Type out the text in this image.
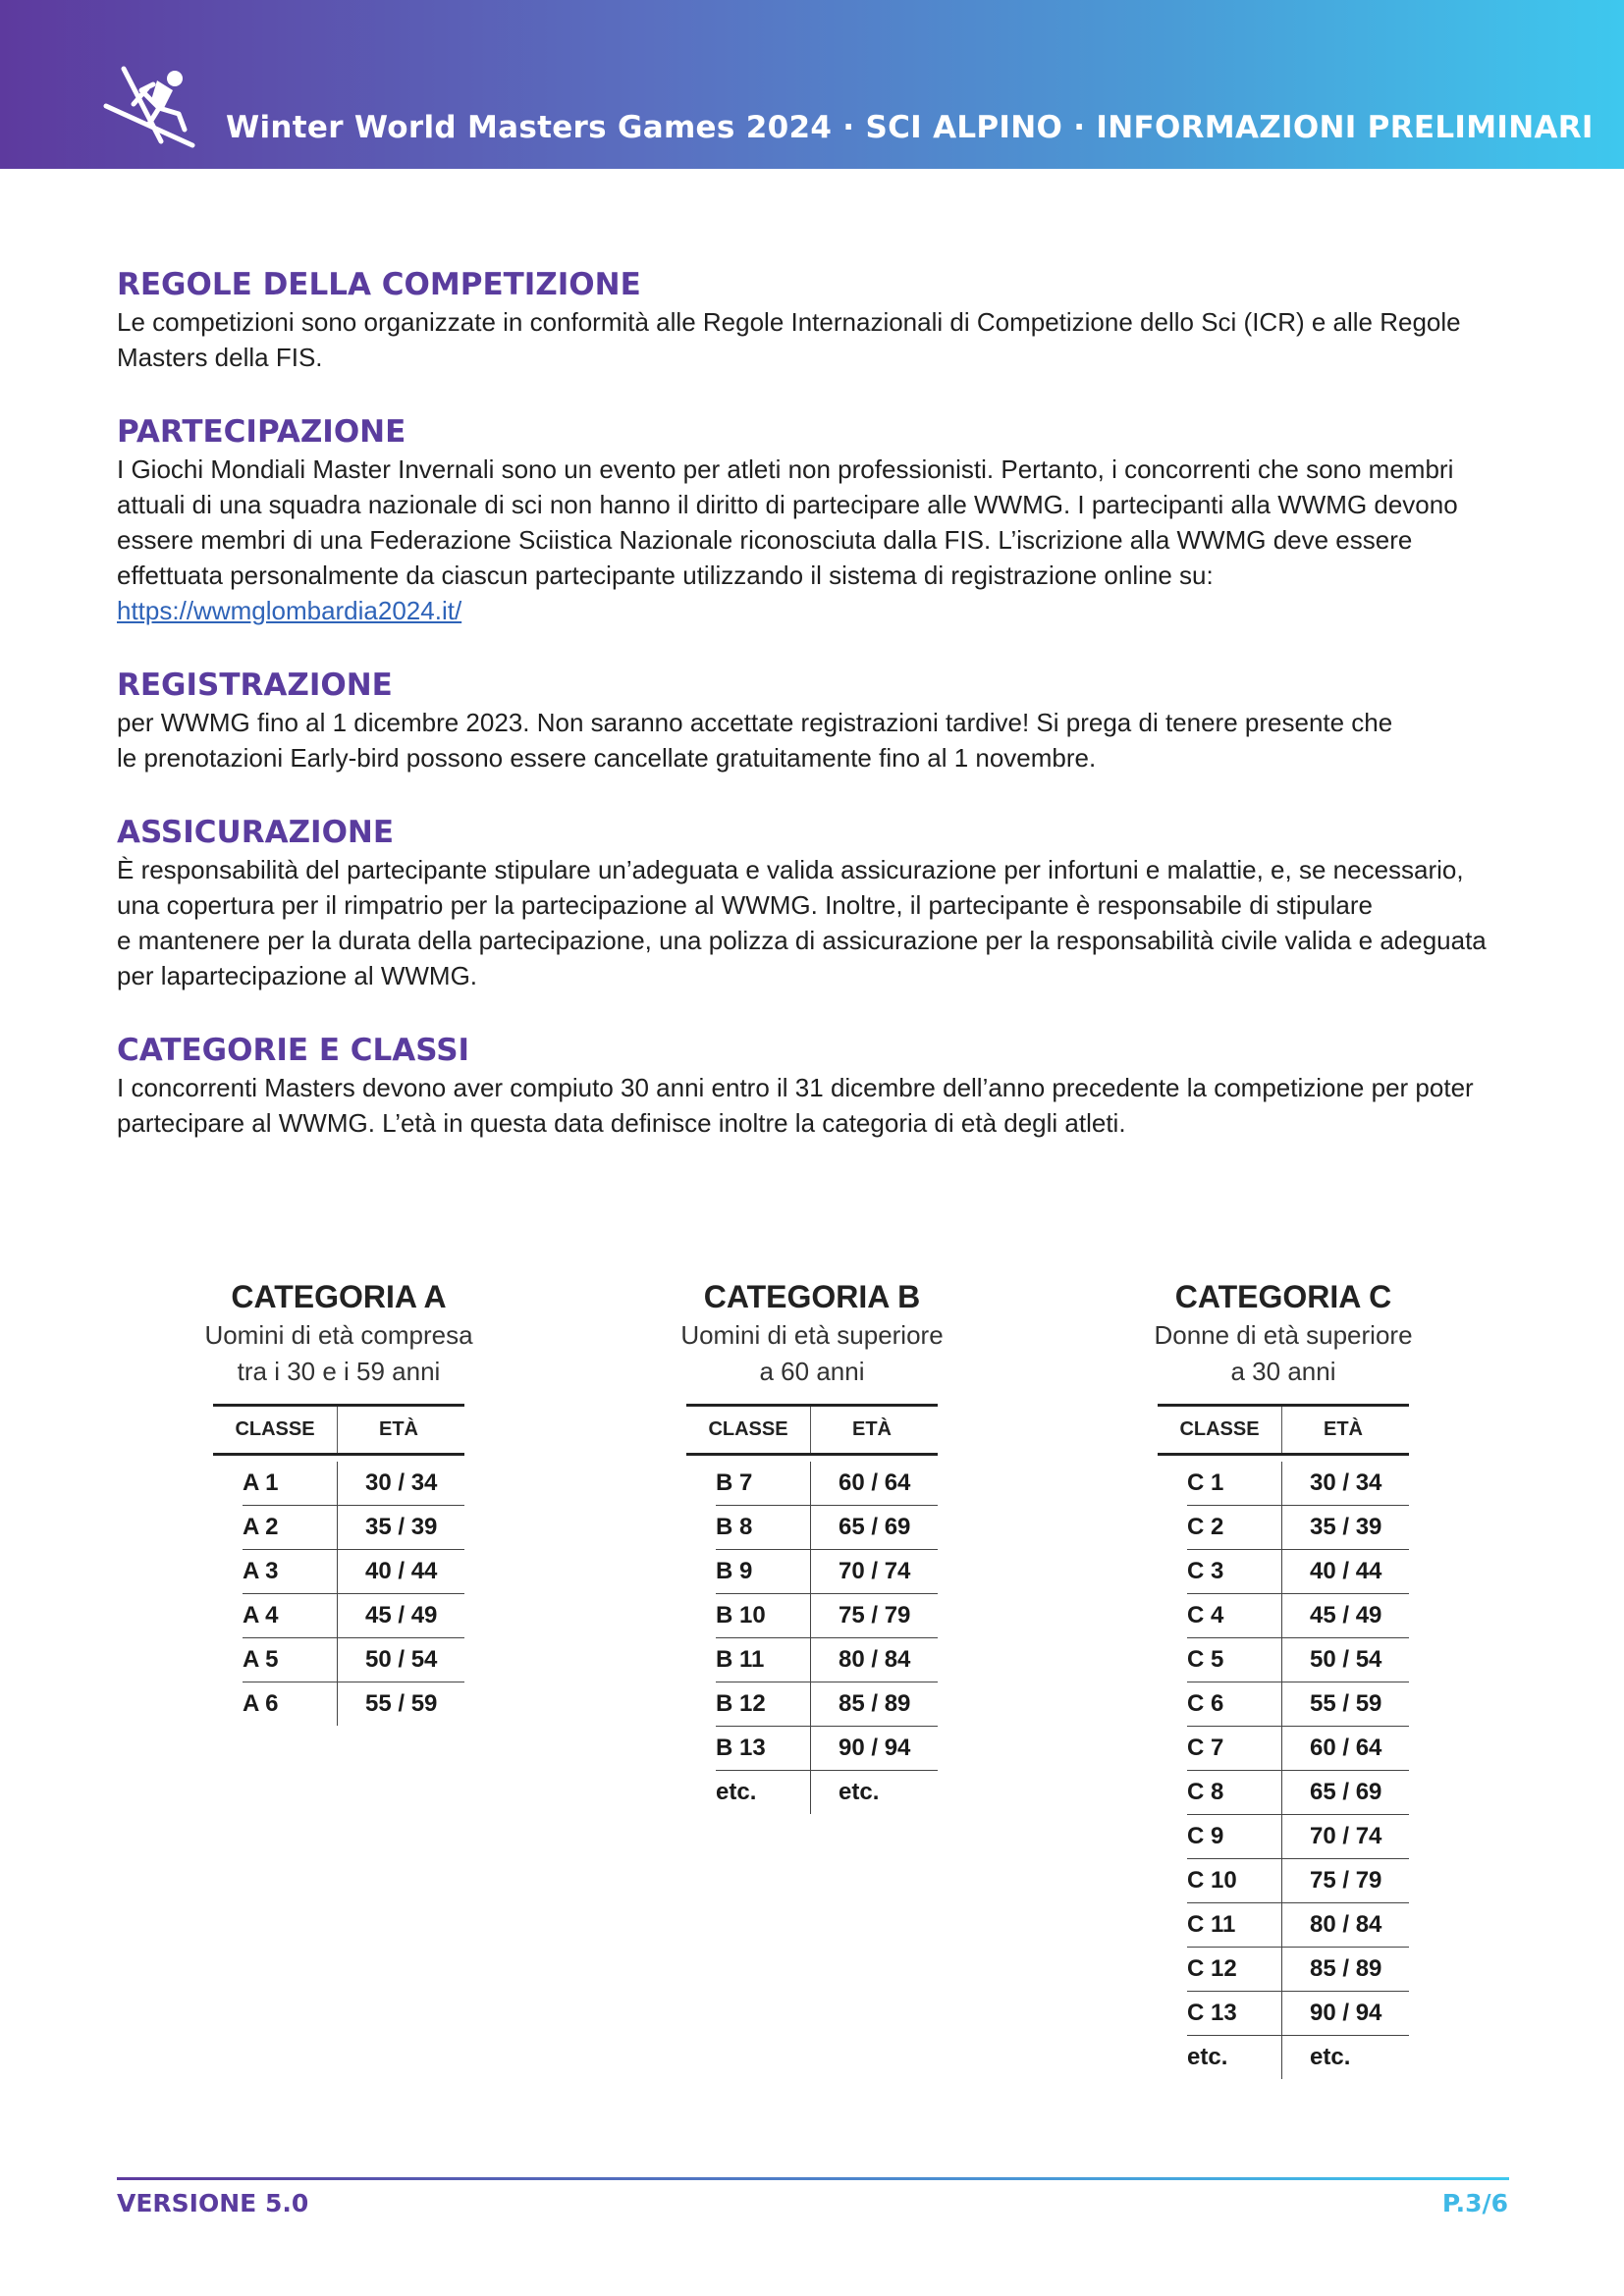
Winter World Masters Games 2024 · SCI ALPINO · INFORMAZIONI PRELIMINARI
REGOLE DELLA COMPETIZIONE

Le competizioni sono organizzate in conformità alle Regole Internazionali di Competizione dello Sci (ICR) e alle Regole
Masters della FIS.

PARTECIPAZIONE

I Giochi Mondiali Master Invernali sono un evento per atleti non professionisti. Pertanto, i concorrenti che sono membri
attuali di una squadra nazionale di sci non hanno il diritto di partecipare alle WWMG. I partecipanti alla WWMG devono
essere membri di una Federazione Sciistica Nazionale riconosciuta dalla FIS. L’iscrizione alla WWMG deve essere
effettuata personalmente da ciascun partecipante utilizzando il sistema di registrazione online su:
https://wwmglombardia2024.it/

REGISTRAZIONE

per WWMG fino al 1 dicembre 2023. Non saranno accettate registrazioni tardive! Si prega di tenere presente che
le prenotazioni Early-bird possono essere cancellate gratuitamente fino al 1 novembre.

ASSICURAZIONE

È responsabilità del partecipante stipulare un’adeguata e valida assicurazione per infortuni e malattie, e, se necessario,
una copertura per il rimpatrio per la partecipazione al WWMG. Inoltre, il partecipante è responsabile di stipulare
e mantenere per la durata della partecipazione, una polizza di assicurazione per la responsabilità civile valida e adeguata
per lapartecipazione al WWMG.

CATEGORIE E CLASSI

I concorrenti Masters devono aver compiuto 30 anni entro il 31 dicembre dell’anno precedente la competizione per poter
partecipare al WWMG. L’età in questa data definisce inoltre la categoria di età degli atleti.

CATEGORIA A
Uomini di età compresa
tra i 30 e i 59 anni
CLASSE	ETÀ
A 1	30 / 34
A 2	35 / 39
A 3	40 / 44
A 4	45 / 49
A 5	50 / 54
A 6	55 / 59
CATEGORIA B
Uomini di età superiore
a 60 anni
CLASSE	ETÀ
B 7	60 / 64
B 8	65 / 69
B 9	70 / 74
B 10	75 / 79
B 11	80 / 84
B 12	85 / 89
B 13	90 / 94
etc.	etc.
CATEGORIA C
Donne di età superiore
a 30 anni
CLASSE	ETÀ
C 1	30 / 34
C 2	35 / 39
C 3	40 / 44
C 4	45 / 49
C 5	50 / 54
C 6	55 / 59
C 7	60 / 64
C 8	65 / 69
C 9	70 / 74
C 10	75 / 79
C 11	80 / 84
C 12	85 / 89
C 13	90 / 94
etc.	etc.
VERSIONE 5.0	P.3/6
